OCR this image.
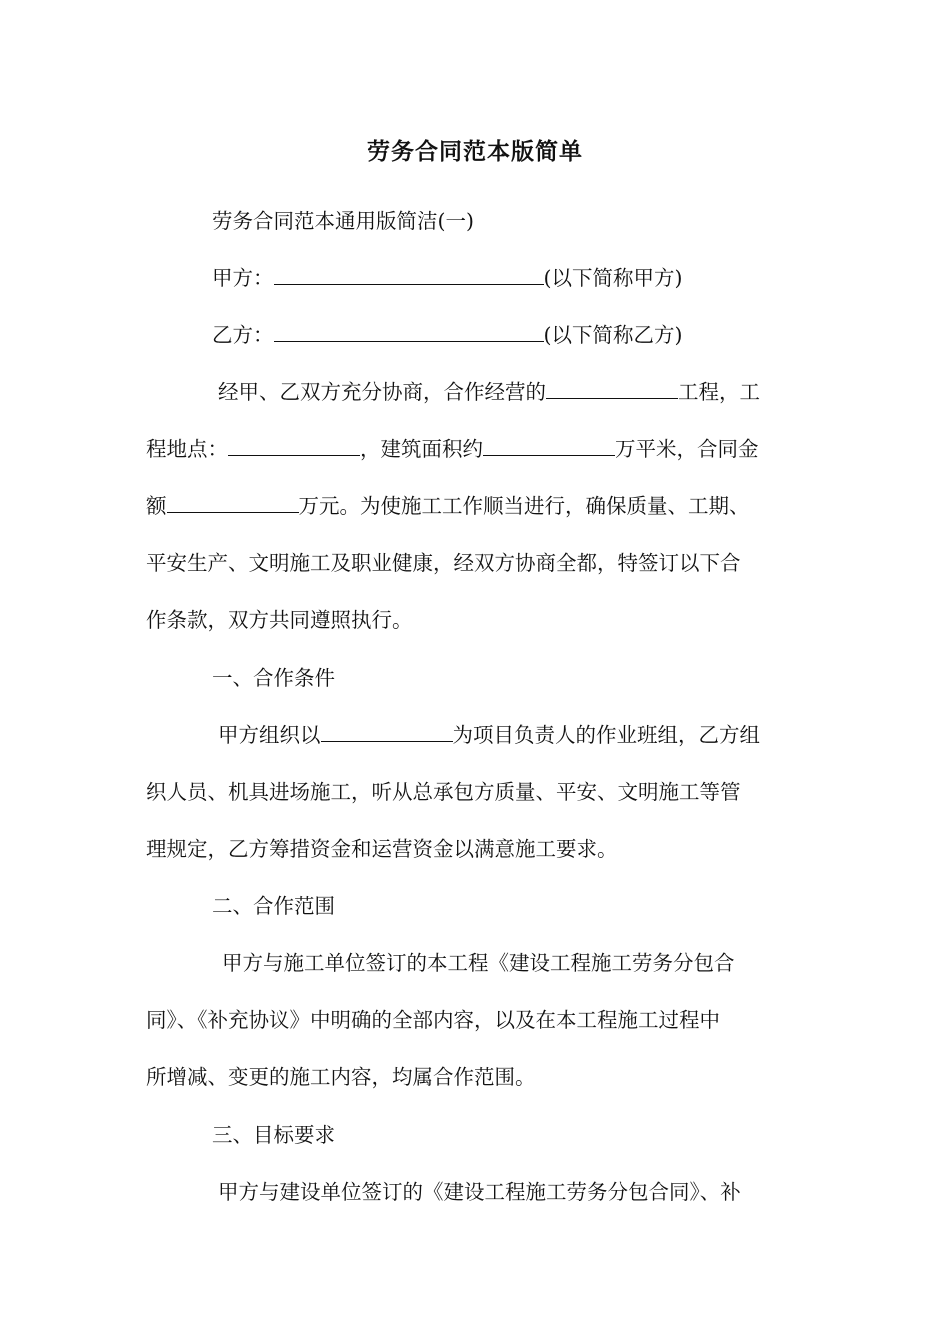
劳务合同范本版简单
劳务合同范本通用版简洁(一)
甲方：	(以下简称甲方)
乙方：	(以下简称乙方)
经甲、乙双方充分协商，合作经营的	工程，工
程地点：	，建筑面积约	万平米，合同金
额	万元。为使施工工作顺当进行，确保质量、工期、
平安生产、文明施工及职业健康，经双方协商全都，特签订以下合
作条款，双方共同遵照执行。
一、合作条件
甲方组织以	为项目负责人的作业班组，乙方组
织人员、机具进场施工，听从总承包方质量、平安、文明施工等管
理规定，乙方筹措资金和运营资金以满意施工要求。
二、合作范围
甲方与施工单位签订的本工程《建设工程施工劳务分包合
同》、《补充协议》中明确的全部内容，以及在本工程施工过程中
所增减、变更的施工内容，均属合作范围。
三、目标要求
甲方与建设单位签订的《建设工程施工劳务分包合同》、补
